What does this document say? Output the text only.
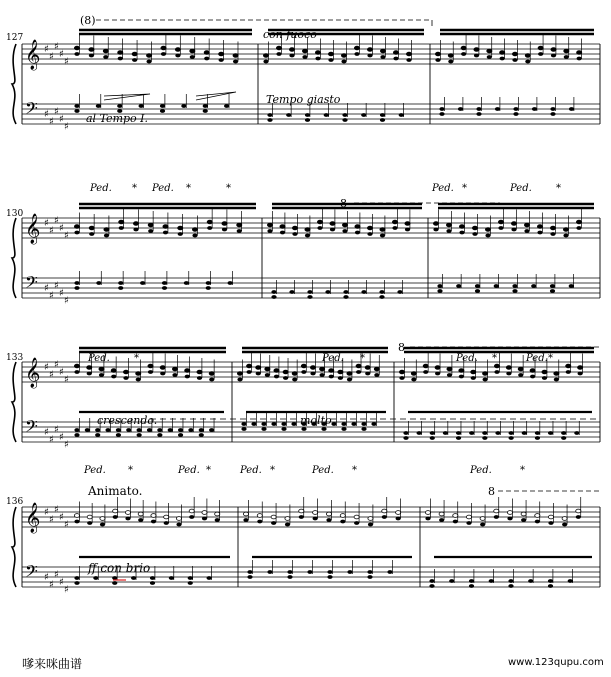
𝄞
𝄢
♯
♯
♯
♯
♯
♯
♯
♯
♯
♯
𝄞
𝄢
♯
♯
♯
♯
♯
♯
♯
♯
♯
♯
𝄞
𝄢
♯
♯
♯
♯
♯
♯
♯
♯
♯
♯
𝄞
𝄢
♯
♯
♯
♯
♯
♯
♯
♯
♯
♯
127
130
133
136
(8)
8
8
8
con fuoco
Tempo giasto
al Tempo I.
crescendo.	molto
Animato.
ff con brio
Ped. * Ped. *	*	Ped. *	Ped. *
Ped. *	Ped. *	Ped. *	Ped. *
Ped. *	Ped. *	Ped. *	Ped. *	Ped.	*
嗲来咪曲谱	www.123qupu.com
